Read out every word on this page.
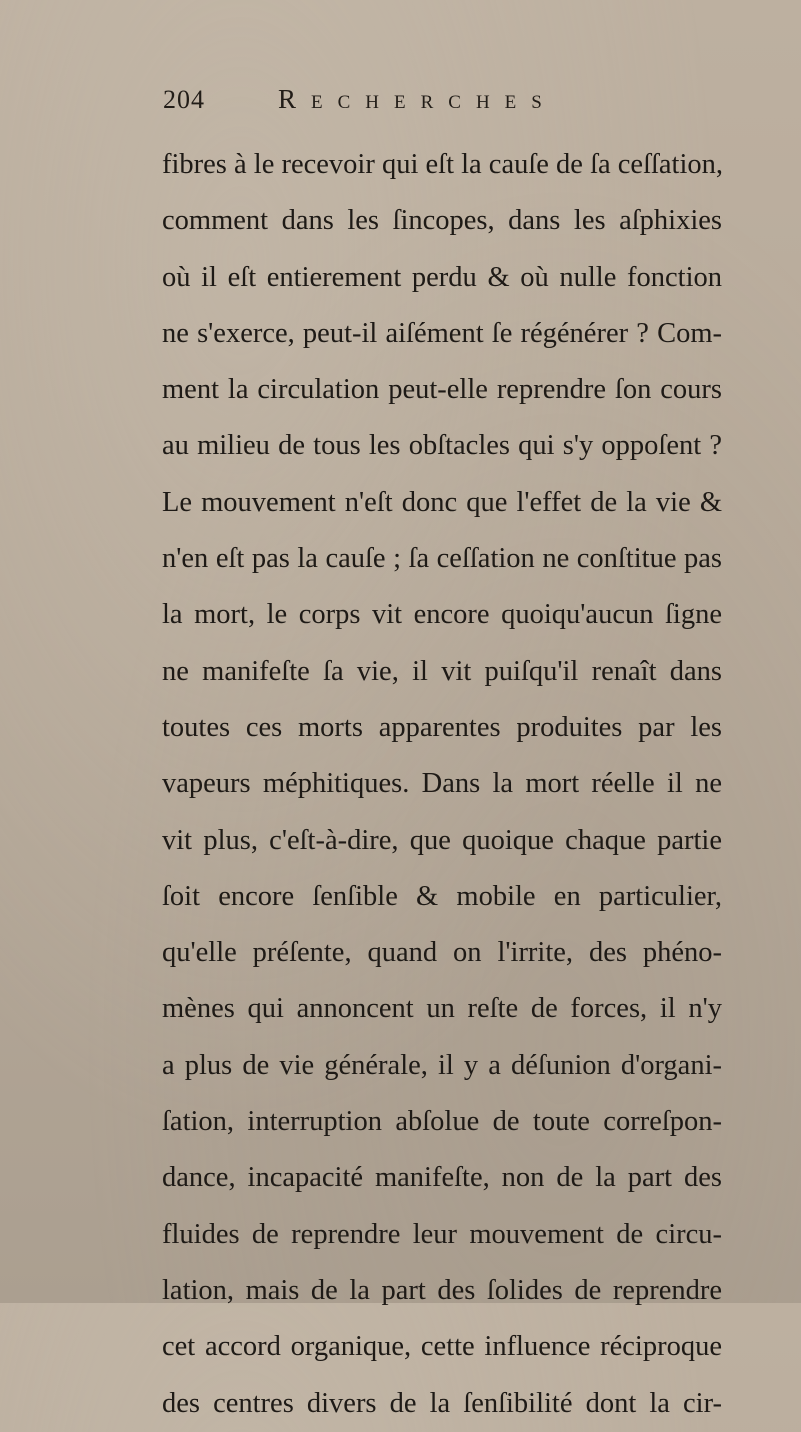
204	Recherches
fibres à le recevoir qui eſt la cauſe de ſa ceſſation,
comment dans les ſincopes, dans les aſphixies
où il eſt entierement perdu & où nulle fonction
ne s'exerce, peut-il aiſément ſe régénérer ? Com-
ment la circulation peut-elle reprendre ſon cours
au milieu de tous les obſtacles qui s'y oppoſent ?
Le mouvement n'eſt donc que l'effet de la vie &
n'en eſt pas la cauſe ; ſa ceſſation ne conſtitue pas
la mort, le corps vit encore quoiqu'aucun ſigne
ne manifeſte ſa vie, il vit puiſqu'il renaît dans
toutes ces morts apparentes produites par les
vapeurs méphitiques. Dans la mort réelle il ne
vit plus, c'eſt-à-dire, que quoique chaque partie
ſoit encore ſenſible & mobile en particulier,
qu'elle préſente, quand on l'irrite, des phéno-
mènes qui annoncent un reſte de forces, il n'y
a plus de vie générale, il y a déſunion d'organi-
ſation, interruption abſolue de toute correſpon-
dance, incapacité manifeſte, non de la part des
fluides de reprendre leur mouvement de circu-
lation, mais de la part des ſolides de reprendre
cet accord organique, cette influence réciproque
des centres divers de la ſenſibilité dont la cir-
